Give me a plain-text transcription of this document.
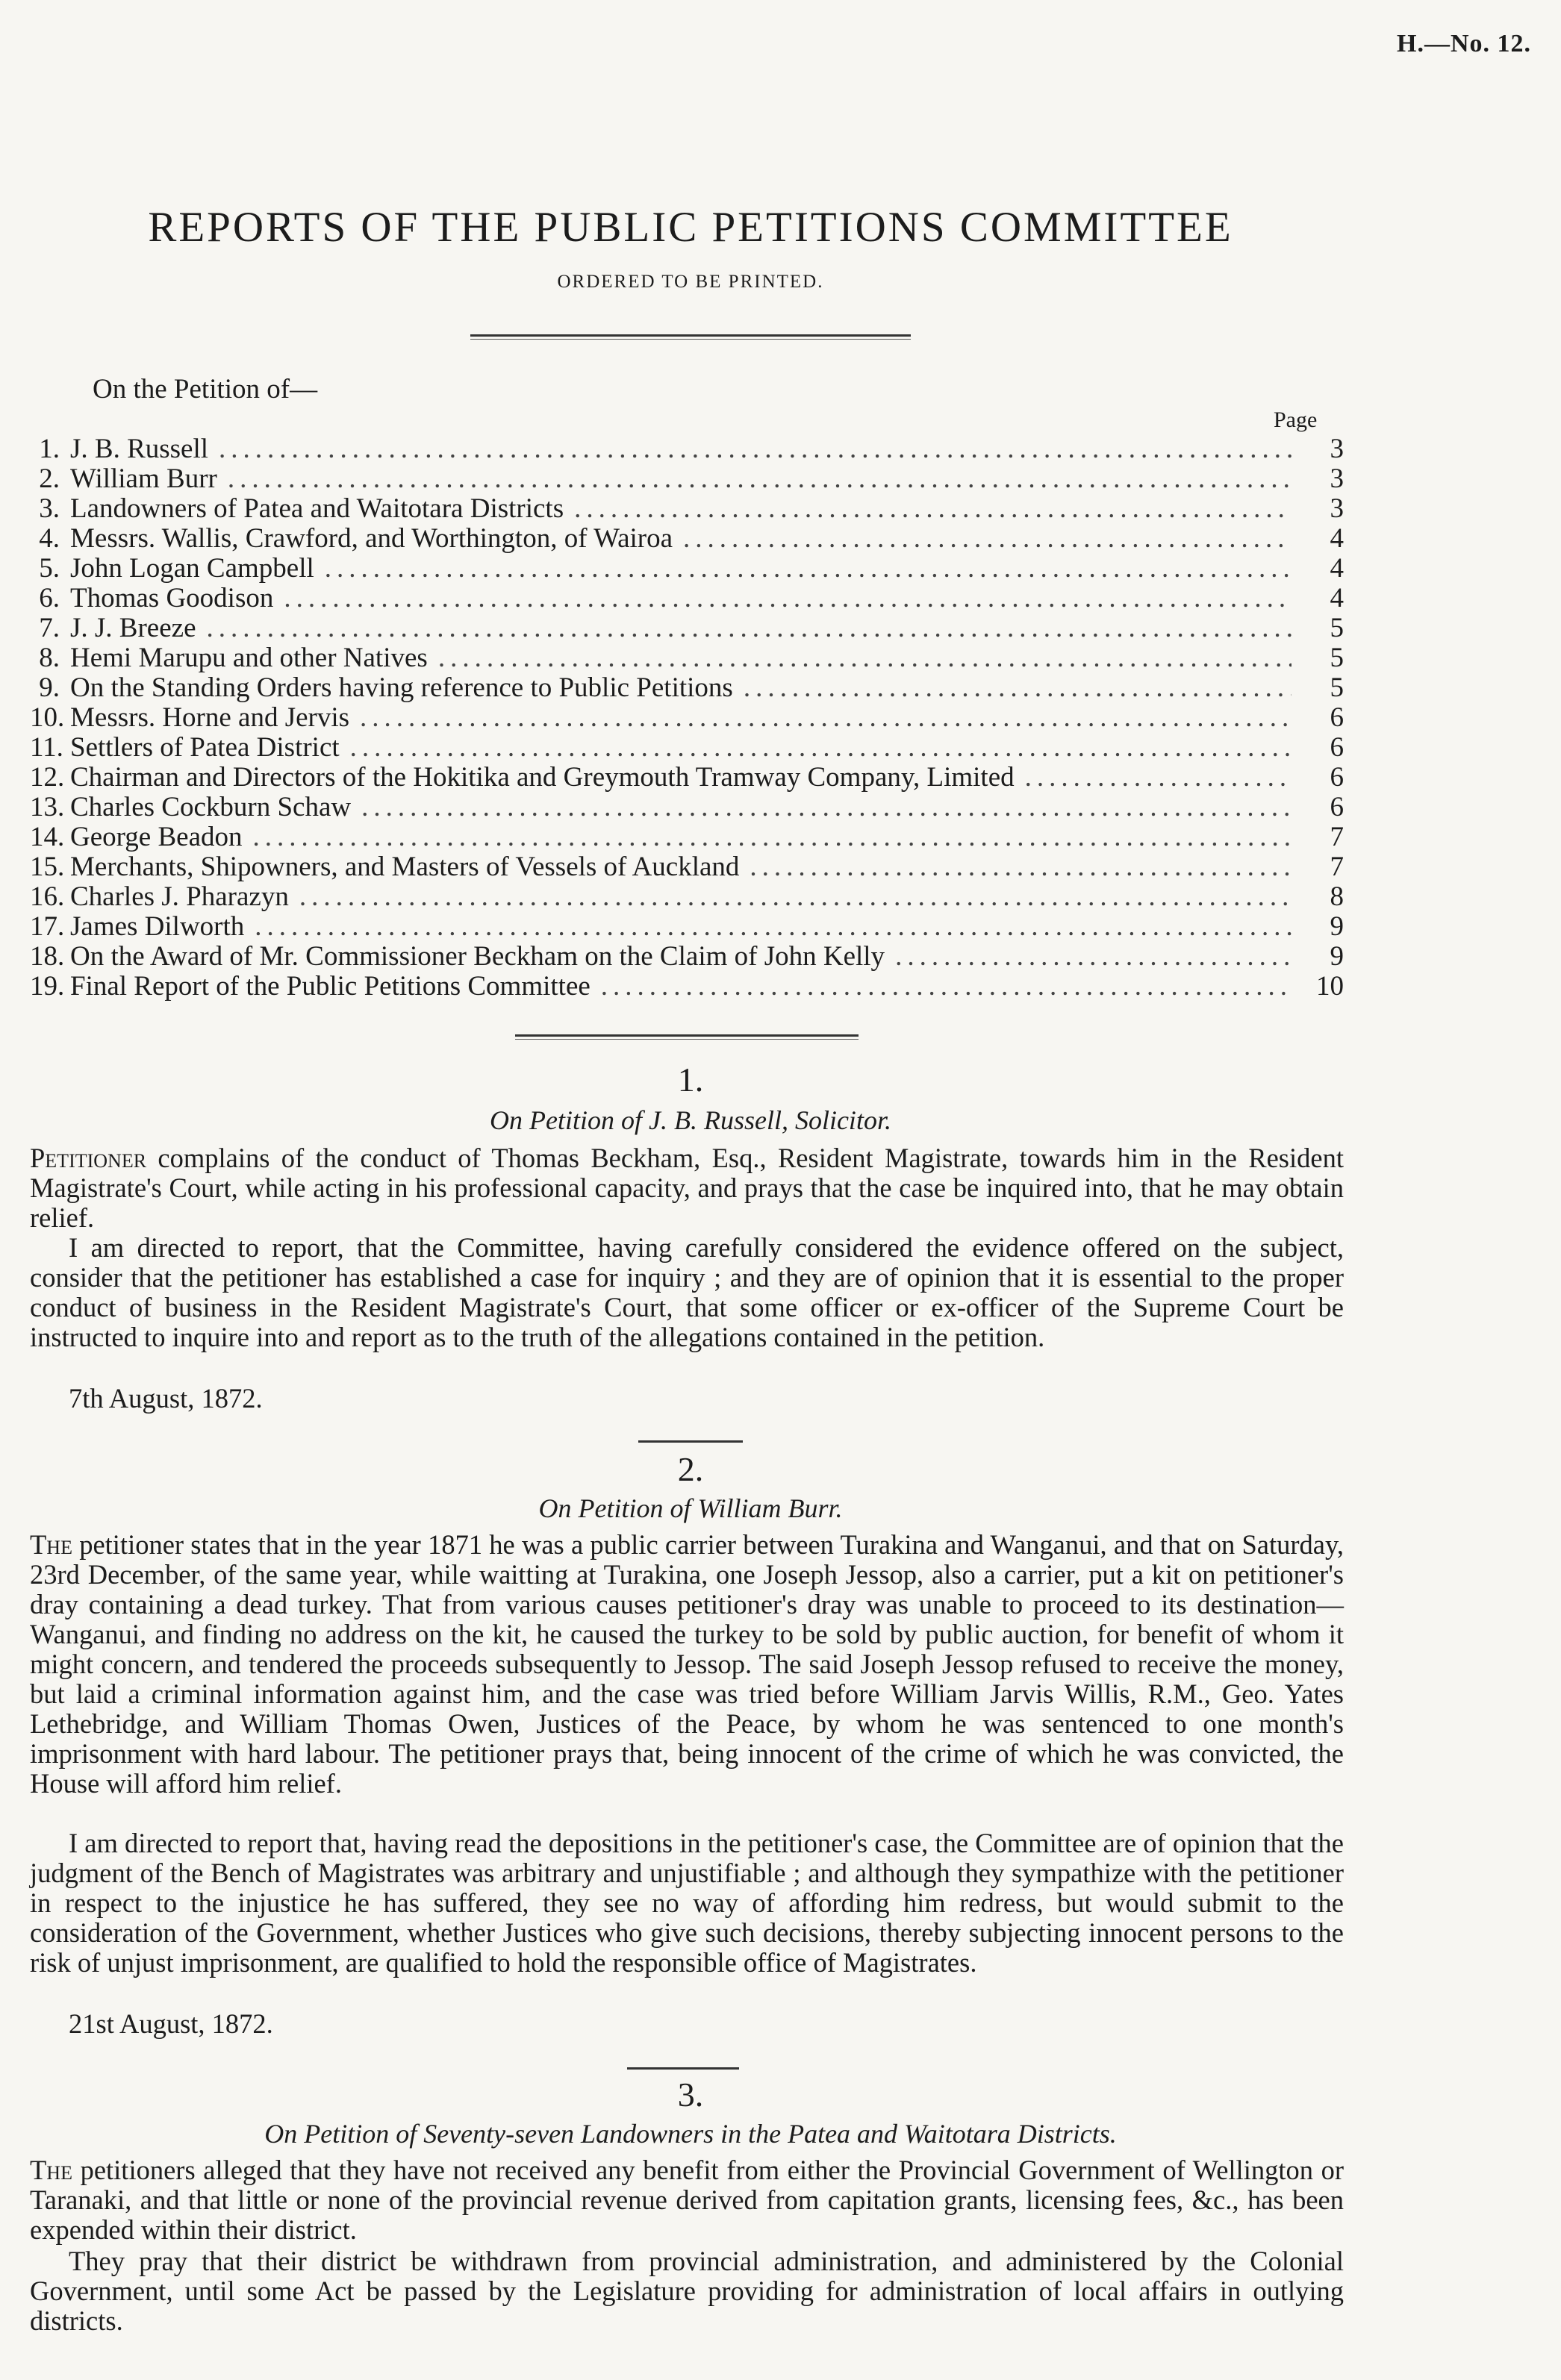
H.—No. 12.
REPORTS OF THE PUBLIC PETITIONS COMMITTEE
ORDERED TO BE PRINTED.
On the Petition of—
Page
1. J. B. Russell .....	3
2. William Burr .....	3
3. Landowners of Patea and Waitotara Districts .....	3
4. Messrs. Wallis, Crawford, and Worthington, of Wairoa .....	4
5. John Logan Campbell .....	4
6. Thomas Goodison .....	4
7. J. J. Breeze .....	5
8. Hemi Marupu and other Natives .....	5
9. On the Standing Orders having reference to Public Petitions .....	5
10. Messrs. Horne and Jervis .....	6
11. Settlers of Patea District .....	6
12. Chairman and Directors of the Hokitika and Greymouth Tramway Company, Limited .....	6
13. Charles Cockburn Schaw .....	6
14. George Beadon .....	7
15. Merchants, Shipowners, and Masters of Vessels of Auckland .....	7
16. Charles J. Pharazyn .....	8
17. James Dilworth .....	9
18. On the Award of Mr. Commissioner Beckham on the Claim of John Kelly .....	9
19. Final Report of the Public Petitions Committee .....	10
1.
On Petition of J. B. Russell, Solicitor.

Petitioner complains of the conduct of Thomas Beckham, Esq., Resident Magistrate, towards him in the Resident Magistrate's Court, while acting in his professional capacity, and prays that the case be inquired into, that he may obtain relief.

I am directed to report, that the Committee, having carefully considered the evidence offered on the subject, consider that the petitioner has established a case for inquiry ; and they are of opinion that it is essential to the proper conduct of business in the Resident Magistrate's Court, that some officer or ex-officer of the Supreme Court be instructed to inquire into and report as to the truth of the allegations contained in the petition.

7th August, 1872.
2.
On Petition of William Burr.

The petitioner states that in the year 1871 he was a public carrier between Turakina and Wanganui, and that on Saturday, 23rd December, of the same year, while waitting at Turakina, one Joseph Jessop, also a carrier, put a kit on petitioner's dray containing a dead turkey. That from various causes petitioner's dray was unable to proceed to its destination—Wanganui, and finding no address on the kit, he caused the turkey to be sold by public auction, for benefit of whom it might concern, and tendered the proceeds subsequently to Jessop. The said Joseph Jessop refused to receive the money, but laid a criminal information against him, and the case was tried before William Jarvis Willis, R.M., Geo. Yates Lethebridge, and William Thomas Owen, Justices of the Peace, by whom he was sentenced to one month's imprisonment with hard labour. The petitioner prays that, being innocent of the crime of which he was convicted, the House will afford him relief.

I am directed to report that, having read the depositions in the petitioner's case, the Committee are of opinion that the judgment of the Bench of Magistrates was arbitrary and unjustifiable ; and although they sympathize with the petitioner in respect to the injustice he has suffered, they see no way of affording him redress, but would submit to the consideration of the Government, whether Justices who give such decisions, thereby subjecting innocent persons to the risk of unjust imprisonment, are qualified to hold the responsible office of Magistrates.

21st August, 1872.
3.
On Petition of Seventy-seven Landowners in the Patea and Waitotara Districts.

The petitioners alleged that they have not received any benefit from either the Provincial Government of Wellington or Taranaki, and that little or none of the provincial revenue derived from capitation grants, licensing fees, &c., has been expended within their district.

They pray that their district be withdrawn from provincial administration, and administered by the Colonial Government, until some Act be passed by the Legislature providing for administration of local affairs in outlying districts.
